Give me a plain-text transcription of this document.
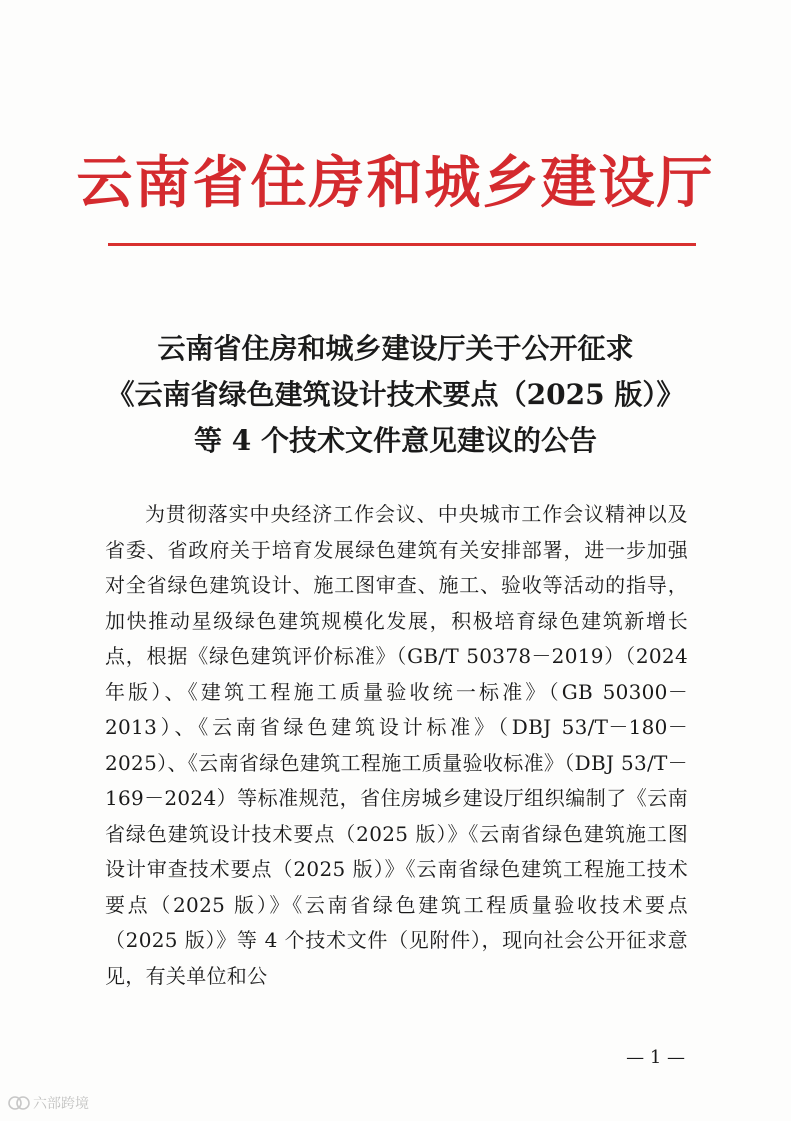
云南省住房和城乡建设厅
云南省住房和城乡建设厅关于公开征求
《云南省绿色建筑设计技术要点（2025 版）》
等 4 个技术文件意见建议的公告

为贯彻落实中央经济工作会议、中央城市工作会议精神以及省委、省政府关于培育发展绿色建筑有关安排部署，进一步加强对全省绿色建筑设计、施工图审查、施工、验收等活动的指导，加快推动星级绿色建筑规模化发展，积极培育绿色建筑新增长点，根据《绿色建筑评价标准》（GB/T 50378－2019）（2024年版）、《建筑工程施工质量验收统一标准》（GB 50300－2013）、《云南省绿色建筑设计标准》（DBJ 53/T－180－2025）、《云南省绿色建筑工程施工质量验收标准》（DBJ 53/T－169－2024）等标准规范，省住房城乡建设厅组织编制了《云南省绿色建筑设计技术要点（2025 版）》《云南省绿色建筑施工图设计审查技术要点（2025 版）》《云南省绿色建筑工程施工技术要点（2025 版）》《云南省绿色建筑工程质量验收技术要点（2025 版）》等 4 个技术文件（见附件），现向社会公开征求意见，有关单位和公

— 1 —
六部跨境
